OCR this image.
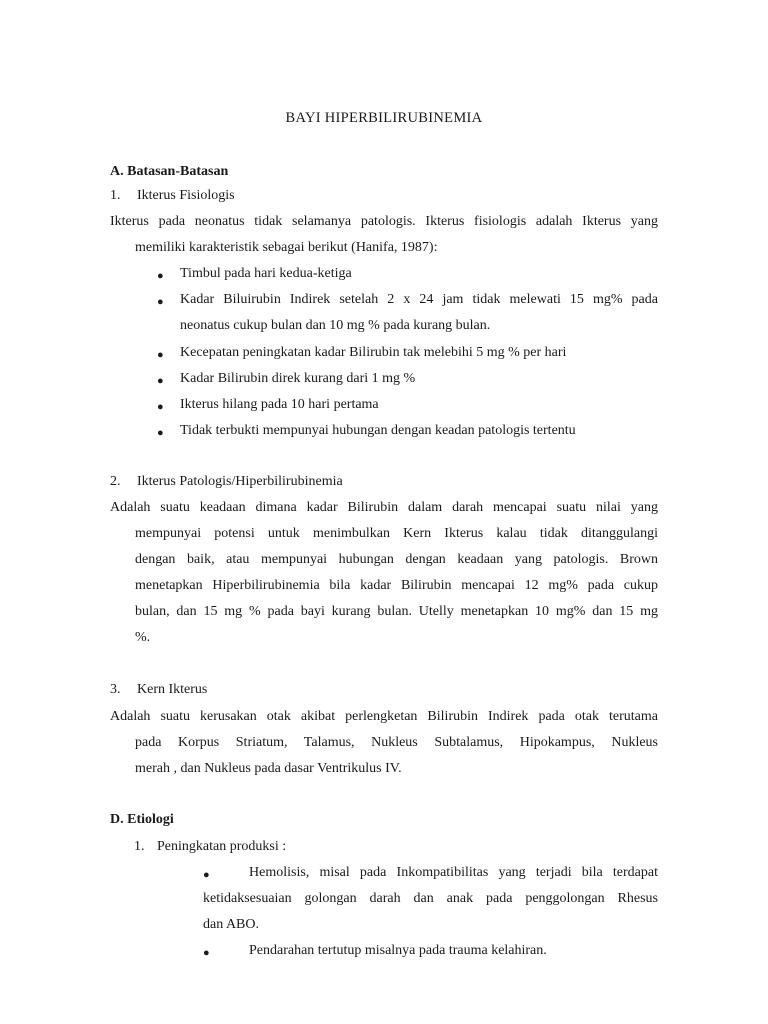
BAYI HIPERBILIRUBINEMIA
A. Batasan-Batasan
1. Ikterus Fisiologis
Ikterus pada neonatus tidak selamanya patologis. Ikterus fisiologis adalah Ikterus yang
memiliki karakteristik sebagai berikut (Hanifa, 1987):
● Timbul pada hari kedua-ketiga
● Kadar Biluirubin Indirek setelah 2 x 24 jam tidak melewati 15 mg% pada
neonatus cukup bulan dan 10 mg % pada kurang bulan.
● Kecepatan peningkatan kadar Bilirubin tak melebihi 5 mg % per hari
● Kadar Bilirubin direk kurang dari 1 mg %
● Ikterus hilang pada 10 hari pertama
● Tidak terbukti mempunyai hubungan dengan keadan patologis tertentu
2. Ikterus Patologis/Hiperbilirubinemia
Adalah suatu keadaan dimana kadar Bilirubin dalam darah mencapai suatu nilai yang
mempunyai potensi untuk menimbulkan Kern Ikterus kalau tidak ditanggulangi
dengan baik, atau mempunyai hubungan dengan keadaan yang patologis. Brown
menetapkan Hiperbilirubinemia bila kadar Bilirubin mencapai 12 mg% pada cukup
bulan, dan 15 mg % pada bayi kurang bulan. Utelly menetapkan 10 mg% dan 15 mg
%.
3. Kern Ikterus
Adalah suatu kerusakan otak akibat perlengketan Bilirubin Indirek pada otak terutama
pada Korpus Striatum, Talamus, Nukleus Subtalamus, Hipokampus, Nukleus
merah , dan Nukleus pada dasar Ventrikulus IV.
D. Etiologi
1. Peningkatan produksi :
●	Hemolisis, misal pada Inkompatibilitas yang terjadi bila terdapat
ketidaksesuaian golongan darah dan anak pada penggolongan Rhesus
dan ABO.
●	Pendarahan tertutup misalnya pada trauma kelahiran.
